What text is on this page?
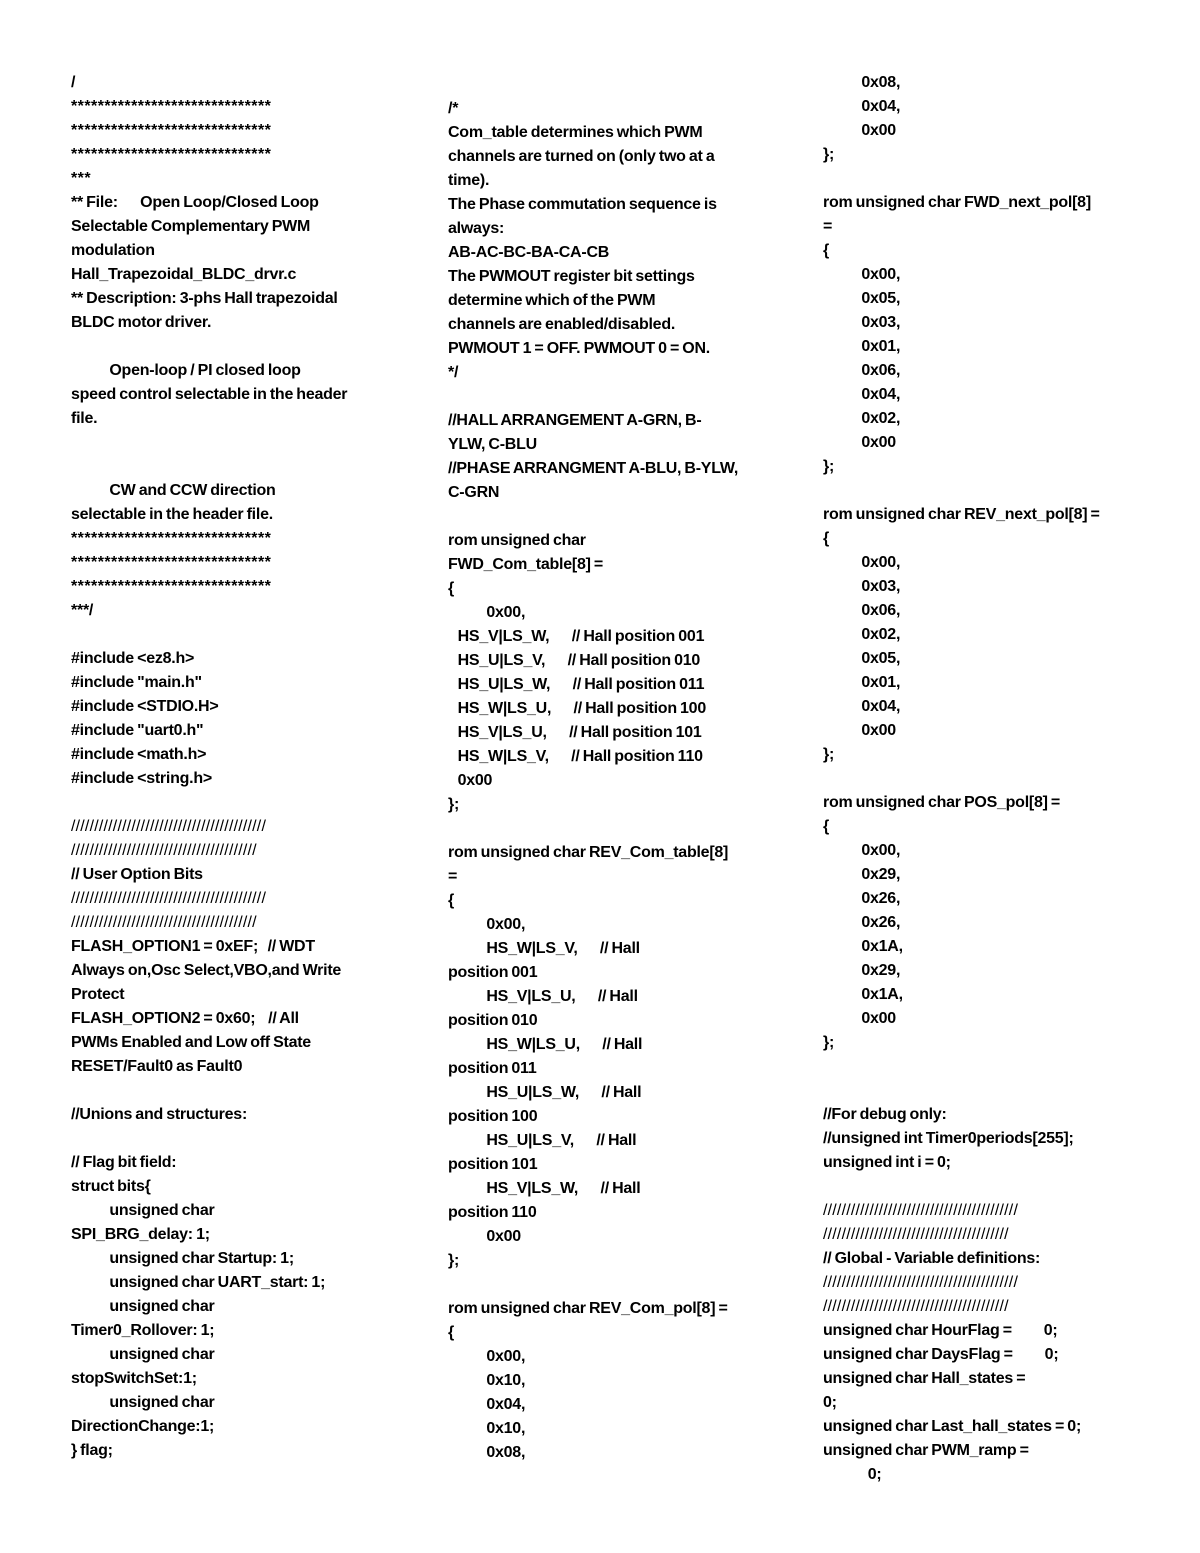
/
******************************
******************************
******************************
***
** File:       Open Loop/Closed Loop
Selectable Complementary PWM
modulation
Hall_Trapezoidal_BLDC_drvr.c
** Description: 3-phs Hall trapezoidal
BLDC motor driver.
Open-loop / PI closed loop
speed control selectable in the header
file.
CW and CCW direction
selectable in the header file.
******************************
******************************
******************************
***/
#include <ez8.h>
#include "main.h"
#include <STDIO.H>
#include "uart0.h"
#include <math.h>
#include <string.h>
//////////////////////////////////////////
////////////////////////////////////////
// User Option Bits
//////////////////////////////////////////
////////////////////////////////////////
FLASH_OPTION1 = 0xEF;   // WDT
Always on,Osc Select,VBO,and Write
Protect
FLASH_OPTION2 = 0x60;    // All
PWMs Enabled and Low off State
RESET/Fault0 as Fault0
//Unions and structures:
// Flag bit field:
struct bits{
unsigned char
SPI_BRG_delay: 1;
unsigned char Startup: 1;
unsigned char UART_start: 1;
unsigned char
Timer0_Rollover: 1;
unsigned char
stopSwitchSet:1;
unsigned char
DirectionChange:1;
} flag;
/*
Com_table determines which PWM
channels are turned on (only two at a
time).
The Phase commutation sequence is
always:
AB-AC-BC-BA-CA-CB
The PWMOUT register bit settings
determine which of the PWM
channels are enabled/disabled.
PWMOUT 1 = OFF. PWMOUT 0 = ON.
*/
//HALL ARRANGEMENT A-GRN, B-
YLW, C-BLU
//PHASE ARRANGMENT A-BLU, B-YLW,
C-GRN
rom unsigned char
FWD_Com_table[8] =
{
0x00,
HS_V|LS_W,       // Hall position 001
HS_U|LS_V,       // Hall position 010
HS_U|LS_W,       // Hall position 011
HS_W|LS_U,       // Hall position 100
HS_V|LS_U,       // Hall position 101
HS_W|LS_V,       // Hall position 110
0x00
};
rom unsigned char REV_Com_table[8]
=
{
0x00,
HS_W|LS_V,       // Hall
position 001
HS_V|LS_U,       // Hall
position 010
HS_W|LS_U,       // Hall
position 011
HS_U|LS_W,       // Hall
position 100
HS_U|LS_V,       // Hall
position 101
HS_V|LS_W,       // Hall
position 110
0x00
};
rom unsigned char REV_Com_pol[8] =
{
0x00,
0x10,
0x04,
0x10,
0x08,
0x08,
0x04,
0x00
};
rom unsigned char FWD_next_pol[8]
=
{
0x00,
0x05,
0x03,
0x01,
0x06,
0x04,
0x02,
0x00
};
rom unsigned char REV_next_pol[8] =
{
0x00,
0x03,
0x06,
0x02,
0x05,
0x01,
0x04,
0x00
};
rom unsigned char POS_pol[8] =
{
0x00,
0x29,
0x26,
0x26,
0x1A,
0x29,
0x1A,
0x00
};
//For debug only:
//unsigned int Timer0periods[255];
unsigned int i = 0;
//////////////////////////////////////////
////////////////////////////////////////
// Global - Variable definitions:
//////////////////////////////////////////
////////////////////////////////////////
unsigned char HourFlag =          0;
unsigned char DaysFlag =          0;
unsigned char Hall_states =
0;
unsigned char Last_hall_states = 0;
unsigned char PWM_ramp =
0;
